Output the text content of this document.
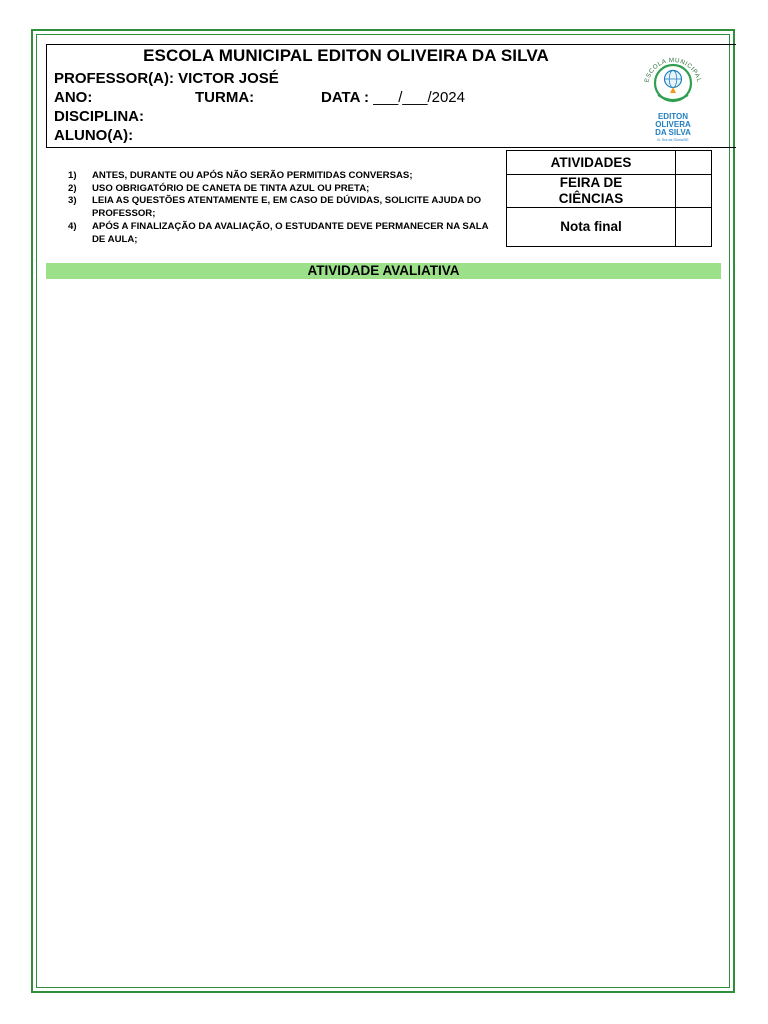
ESCOLA MUNICIPAL EDITON OLIVEIRA DA SILVA
PROFESSOR(A): VICTOR JOSÉ
ANO:	TURMA:	DATA : ___/___/2024
DISCIPLINA:
ALUNO(A):
ESCOLA MUNICIPAL
EDITON
OLIVERA
DA SILVA
N. Sra da Glória/SE
1) ANTES, DURANTE OU APÓS NÃO SERÃO PERMITIDAS CONVERSAS;
2) USO OBRIGATÓRIO DE CANETA DE TINTA AZUL OU PRETA;
3) LEIA AS QUESTÕES ATENTAMENTE E, EM CASO DE DÚVIDAS, SOLICITE AJUDA DO PROFESSOR;
4) APÓS A FINALIZAÇÃO DA AVALIAÇÃO, O ESTUDANTE DEVE PERMANECER NA SALA DE AULA;
ATIVIDADES	
FEIRA DE CIÊNCIAS	
Nota final	
ATIVIDADE AVALIATIVA
